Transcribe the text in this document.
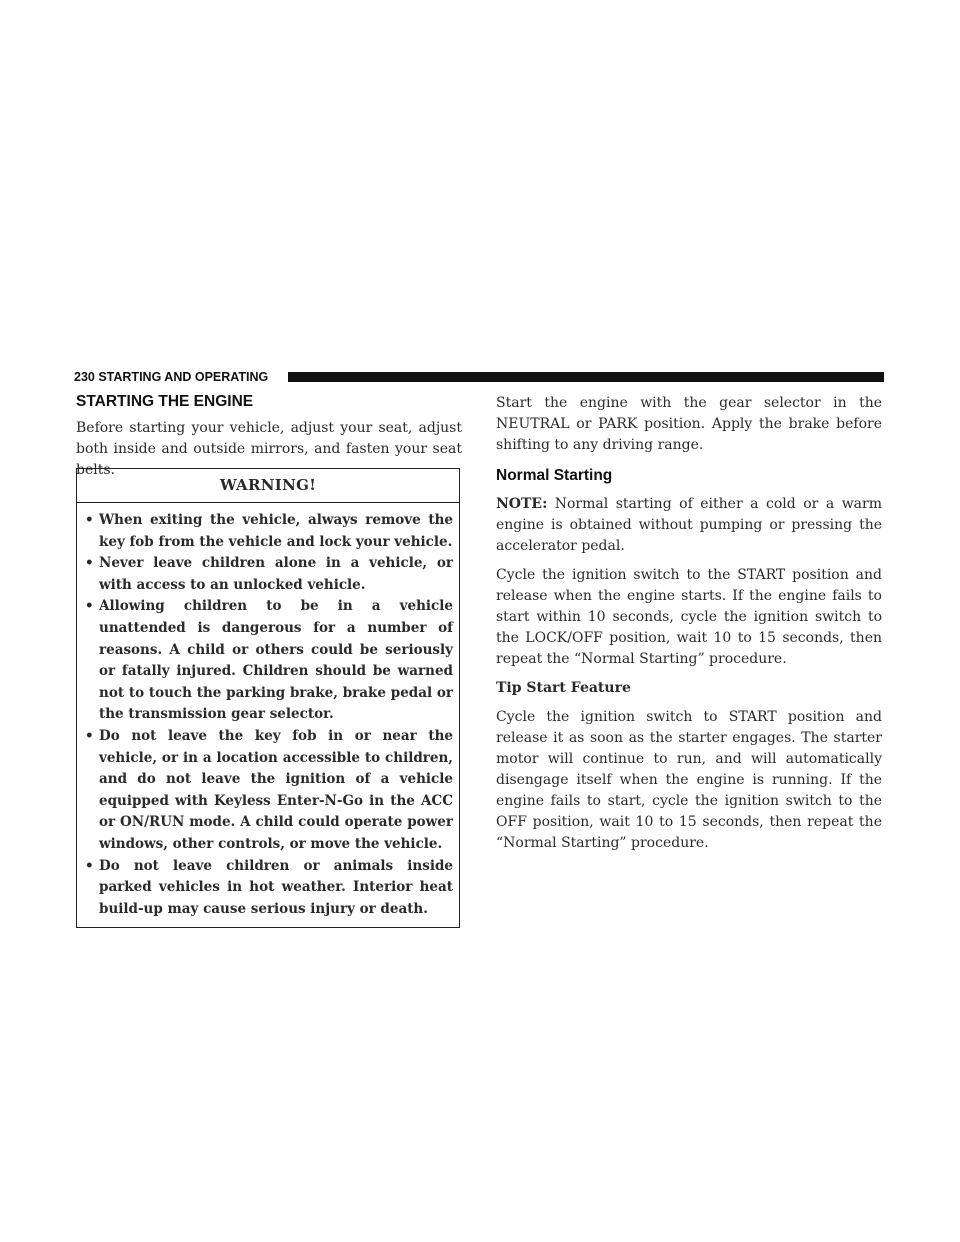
230 STARTING AND OPERATING
STARTING THE ENGINE

Before starting your vehicle, adjust your seat, adjust both inside and outside mirrors, and fasten your seat belts.

WARNING!
• When exiting the vehicle, always remove the key fob from the vehicle and lock your vehicle.
• Never leave children alone in a vehicle, or with access to an unlocked vehicle.
• Allowing children to be in a vehicle unattended is dangerous for a number of reasons. A child or others could be seriously or fatally injured. Children should be warned not to touch the parking brake, brake pedal or the transmission gear selector.
• Do not leave the key fob in or near the vehicle, or in a location accessible to children, and do not leave the ignition of a vehicle equipped with Keyless Enter-N-Go in the ACC or ON/RUN mode. A child could operate power windows, other controls, or move the vehicle.
• Do not leave children or animals inside parked vehicles in hot weather. Interior heat build-up may cause serious injury or death.

Start the engine with the gear selector in the NEUTRAL or PARK position. Apply the brake before shifting to any driving range.

Normal Starting

NOTE: Normal starting of either a cold or a warm engine is obtained without pumping or pressing the accelerator pedal.

Cycle the ignition switch to the START position and release when the engine starts. If the engine fails to start within 10 seconds, cycle the ignition switch to the LOCK/OFF position, wait 10 to 15 seconds, then repeat the “Normal Starting” procedure.

Tip Start Feature

Cycle the ignition switch to START position and release it as soon as the starter engages. The starter motor will continue to run, and will automatically disengage itself when the engine is running. If the engine fails to start, cycle the ignition switch to the OFF position, wait 10 to 15 seconds, then repeat the “Normal Starting” procedure.
